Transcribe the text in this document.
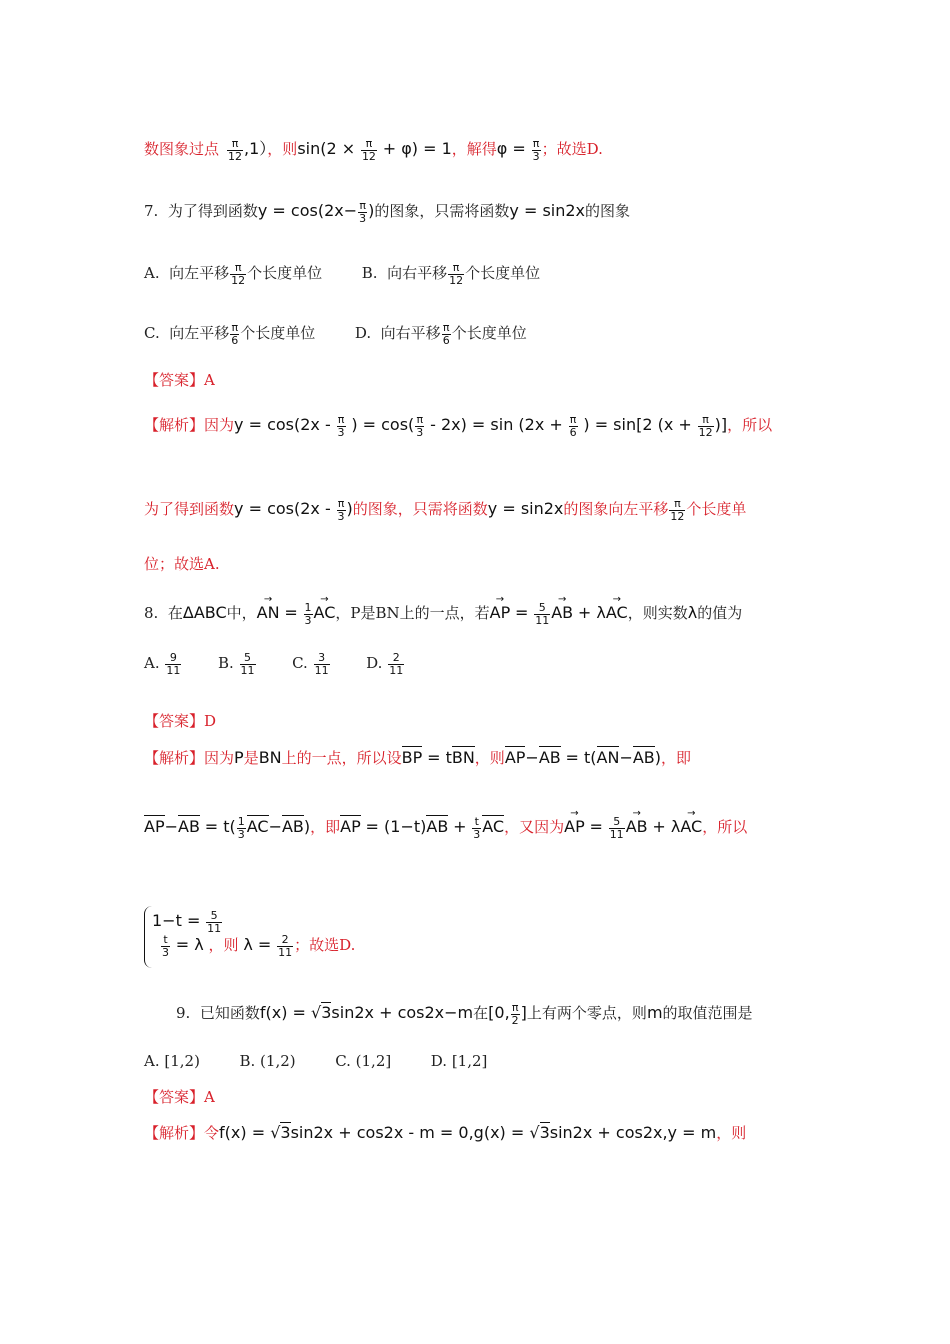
数图象过点 $\frac{\pi}{12} ,1$），则$\sin(2 \times \frac{\pi}{12} + \varphi) = 1$，解得$\varphi = \frac{\pi}{3}$ ；故选D.
7. 为了得到函数$y = \cos(2x- \frac{\pi}{3}$ )的图象，只需将函数y = sin2x的图象
A. 向左平移 $\frac{\pi}{12}$ 个长度单位	B. 向右平移 $\frac{\pi}{12}$ 个长度单位
C. 向左平移 $\frac{\pi}{6}$ 个长度单位	D. 向右平移 $\frac{\pi}{6}$ 个长度单位
【答案】A
【解析】因为$y = \cos(2x - \frac{\pi}{3}$ ) = $\cos( \frac{\pi}{3} - 2x) = \sin (2x + \frac{\pi}{6}$ ) = sin[2 ($x + \frac{\pi}{12}$ )]，所以
为了得到函数$y = \cos(2x - \frac{\pi}{3}$ )的图象，只需将函数y = sin2x的图象向左平移 $\frac{\pi}{12}$ 个长度单
位；故选A.
8. 在ΔABC中，→ AN = $\frac{1}{3}$ → AC，P是BN上的一点，若→ AP = $\frac{5}{11}$ → AB + λ→ AC，则实数λ的值为
A. $\frac{9}{11} B$. $\frac{5}{11} C$. $\frac{3}{11} D$. $\frac{2}{11}$
【答案】D
【解析】因为P是BN上的一点，所以设BP = tBN，则AP−AB = t(AN−AB)，即
$AP-AB = t( \frac{1}{3} AC-AB)$，即AP = $(1-t)AB + \frac{t}{3}$ AC，又因为→ AP = $\frac{5}{11}$ → AB + λ→ AC，所以
$1-t = \frac{5}{11}$
$\frac{t}{3} = \lambda$ ，则 $\lambda = \frac{2}{11}$ ；故选D.
9. 已知函数f(x) = √3sin2x + cos2x−m在[0, $\frac{\pi}{2}$ ]上有两个零点，则m的取值范围是
A. [1,2)	B. (1,2)	C. (1,2]	D. [1,2]
【答案】A
【解析】令f(x) = √3sin2x + cos2x - m = 0,g(x) = √3sin2x + cos2x,y = m，则
